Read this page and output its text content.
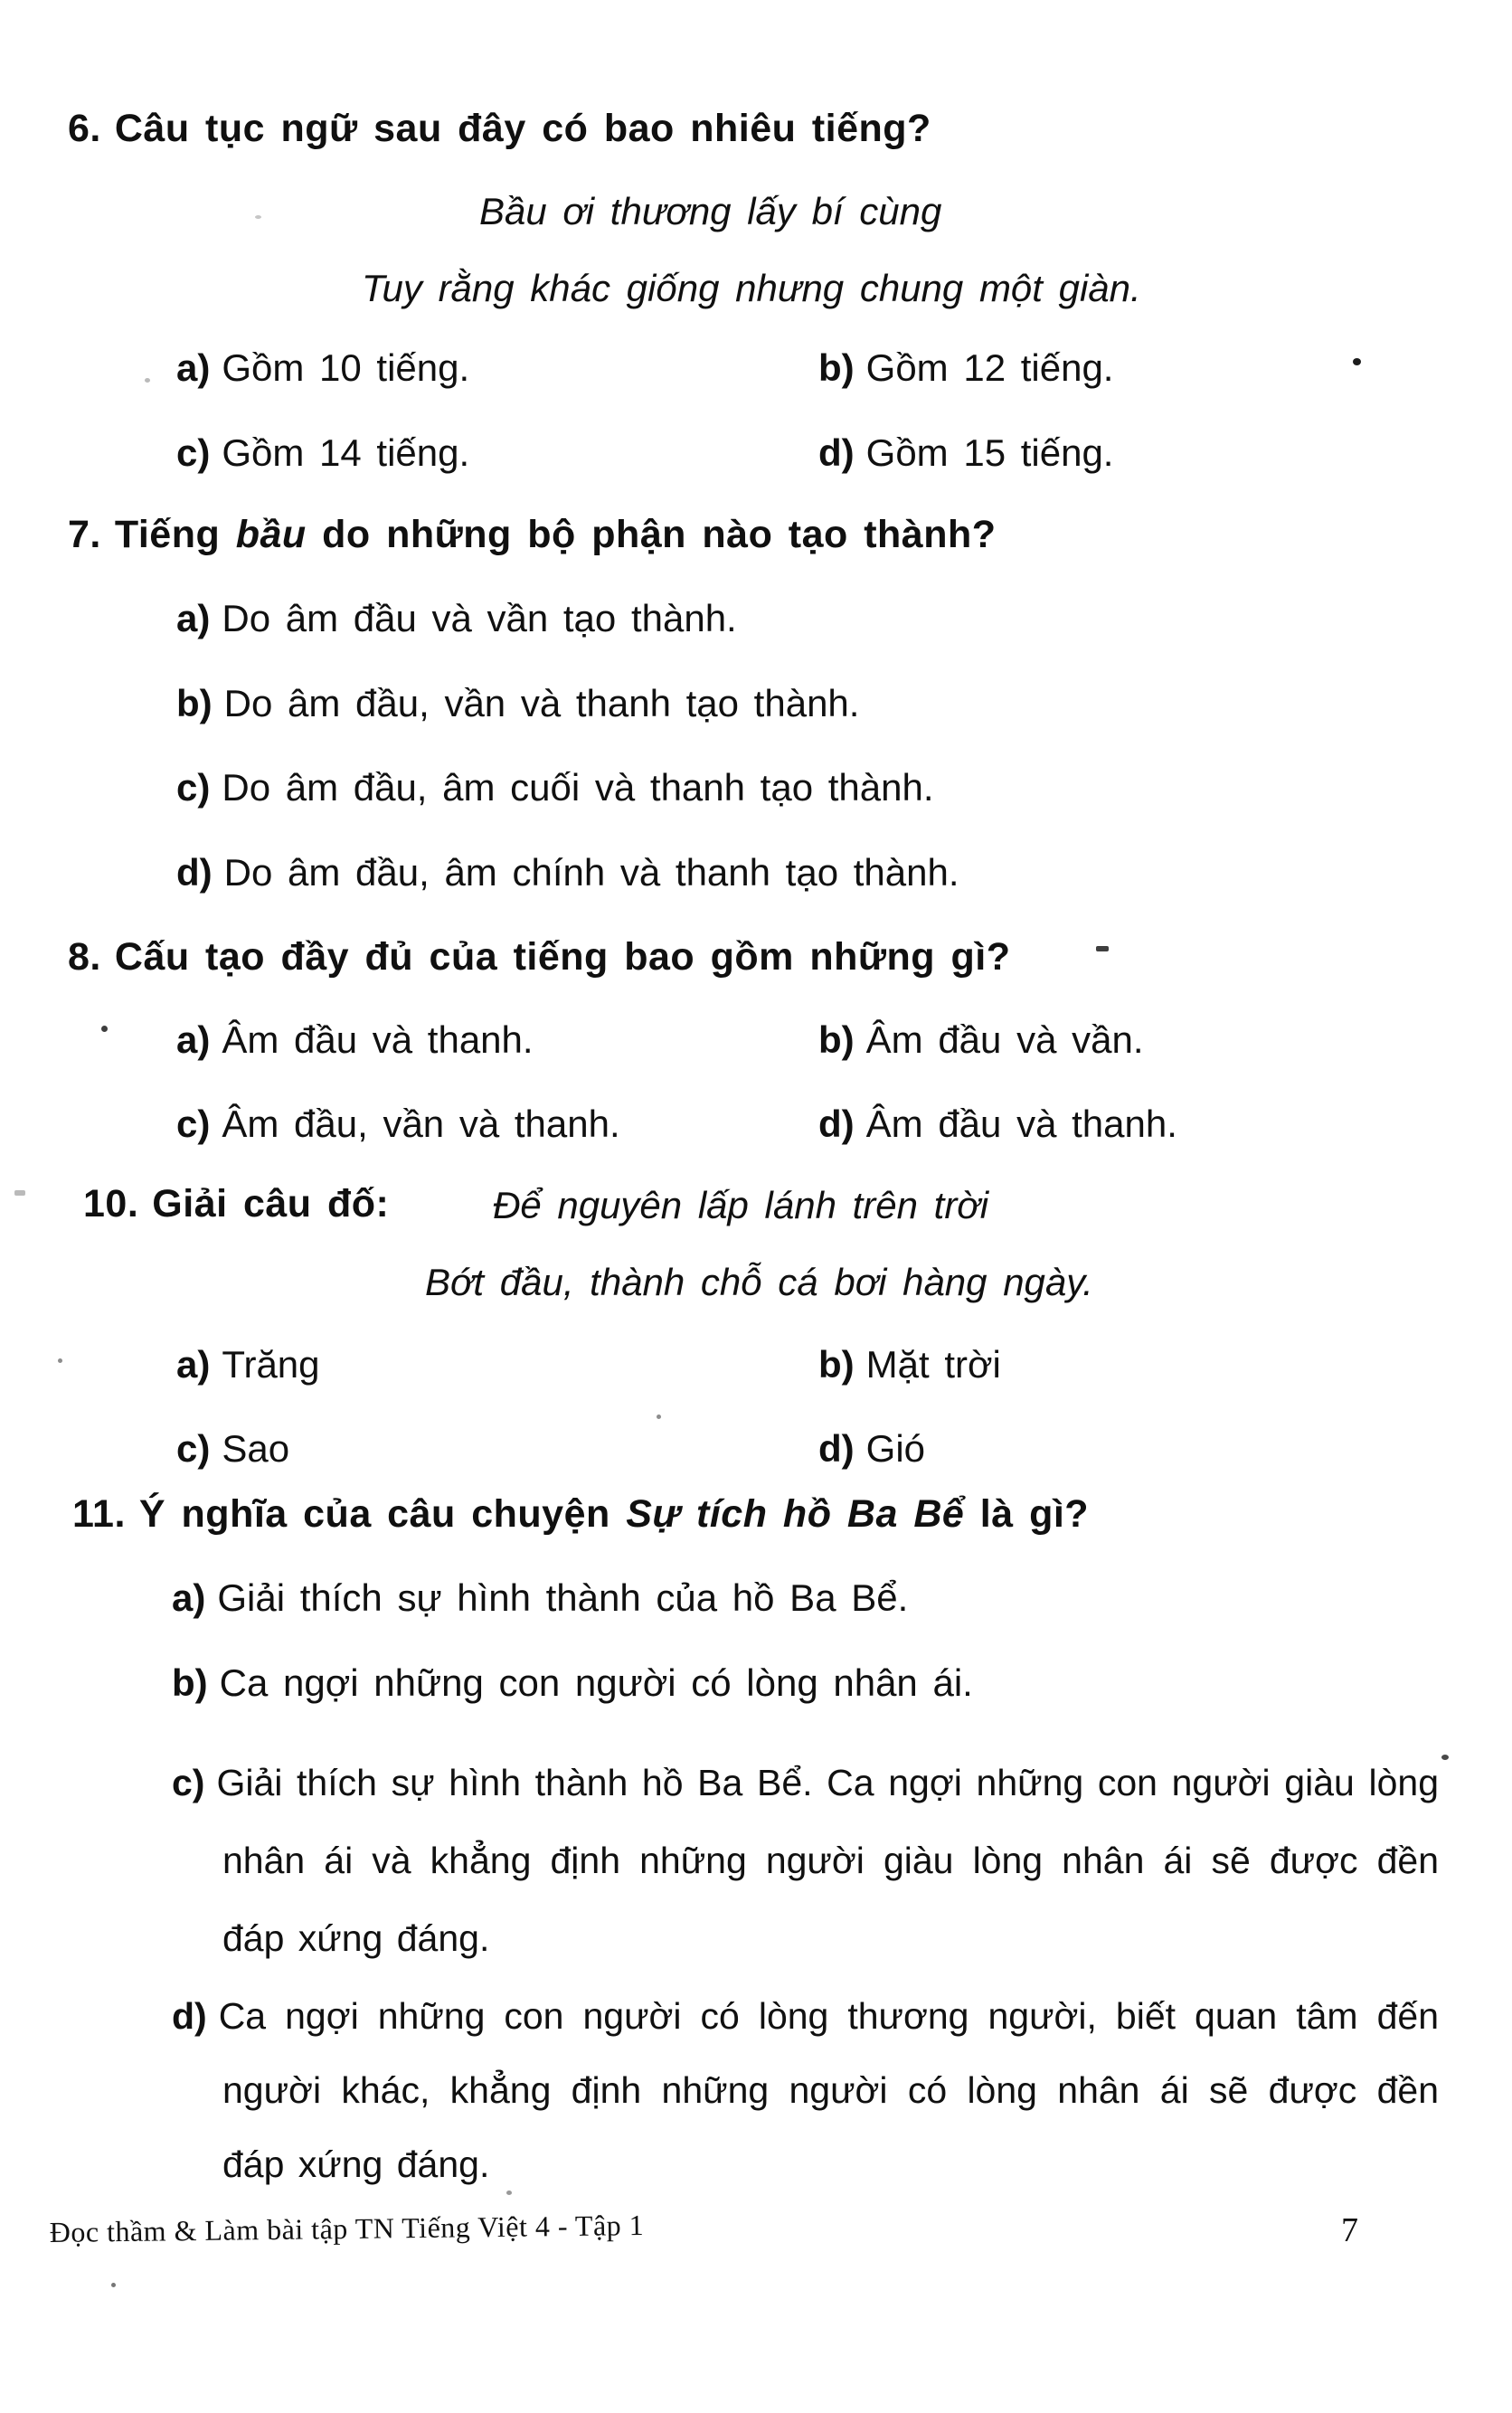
6. Câu tục ngữ sau đây có bao nhiêu tiếng?

Bầu ơi thương lấy bí cùng

Tuy rằng khác giống nhưng chung một giàn.

a) Gồm 10 tiếng.	b) Gồm 12 tiếng.

c) Gồm 14 tiếng.	d) Gồm 15 tiếng.

7. Tiếng bầu do những bộ phận nào tạo thành?

a) Do âm đầu và vần tạo thành.

b) Do âm đầu, vần và thanh tạo thành.

c) Do âm đầu, âm cuối và thanh tạo thành.

d) Do âm đầu, âm chính và thanh tạo thành.

8. Cấu tạo đầy đủ của tiếng bao gồm những gì?

a) Âm đầu và thanh.	b) Âm đầu và vần.

c) Âm đầu, vần và thanh.	d) Âm đầu và thanh.

10. Giải câu đố:	Để nguyên lấp lánh trên trời

Bớt đầu, thành chỗ cá bơi hàng ngày.

a) Trăng	b) Mặt trời

c) Sao	d) Gió

11. Ý nghĩa của câu chuyện Sự tích hồ Ba Bể là gì?

a) Giải thích sự hình thành của hồ Ba Bể.

b) Ca ngợi những con người có lòng nhân ái.

c) Giải thích sự hình thành hồ Ba Bể. Ca ngợi những con người giàu lòng nhân ái và khẳng định những người giàu lòng nhân ái sẽ được đền đáp xứng đáng.

d) Ca ngợi những con người có lòng thương người, biết quan tâm đến người khác, khẳng định những người có lòng nhân ái sẽ được đền đáp xứng đáng.

Đọc thầm & Làm bài tập TN Tiếng Việt 4 - Tập 1	7
